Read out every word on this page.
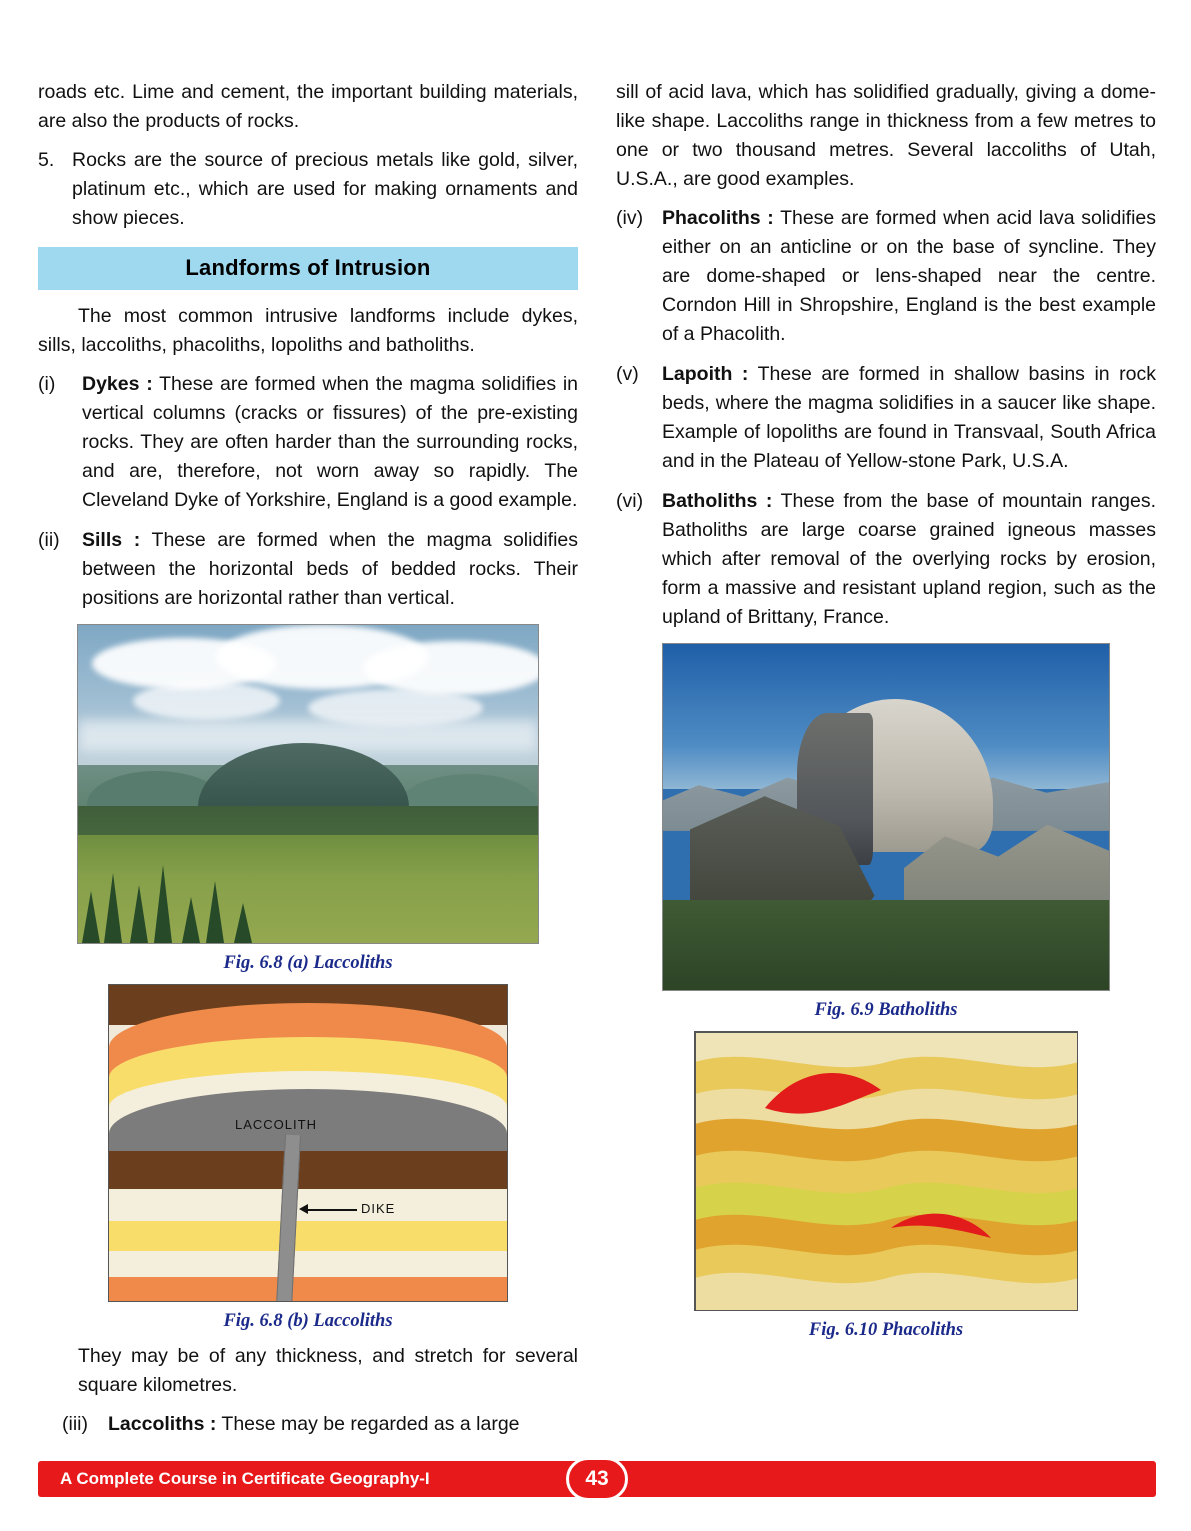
roads etc. Lime and cement, the important building materials, are also the products of rocks.

5. Rocks are the source of precious metals like gold, silver, platinum etc., which are used for making ornaments and show pieces.
Landforms of Intrusion

The most common intrusive landforms include dykes, sills, laccoliths, phacoliths, lopoliths and batholiths.

(i)	Dykes : These are formed when the magma solidifies in vertical columns (cracks or fissures) of the pre-existing rocks. They are often harder than the surrounding rocks, and are, therefore, not worn away so rapidly. The Cleveland Dyke of Yorkshire, England is a good example.
(ii)	Sills : These are formed when the magma solidifies between the horizontal beds of bedded rocks. Their positions are horizontal rather than vertical.
Fig. 6.8 (a) Laccoliths
LACCOLITH
DIKE
Fig. 6.8 (b) Laccoliths

They may be of any thickness, and stretch for several square kilometres.

(iii)	Laccoliths : These may be regarded as a large

sill of acid lava, which has solidified gradually, giving a dome-like shape. Laccoliths range in thickness from a few metres to one or two thousand metres. Several laccoliths of Utah, U.S.A., are good examples.

(iv) Phacoliths : These are formed when acid lava solidifies either on an anticline or on the base of syncline. They are dome-shaped or lens-shaped near the centre. Corndon Hill in Shropshire, England is the best example of a Phacolith.
(v)	Lapoith : These are formed in shallow basins in rock beds, where the magma solidifies in a saucer like shape. Example of lopoliths are found in Transvaal, South Africa and in the Plateau of Yellow-stone Park, U.S.A.
(vi) Batholiths : These from the base of mountain ranges. Batholiths are large coarse grained igneous masses which after removal of the overlying rocks by erosion, form a massive and resistant upland region, such as the upland of Brittany, France.
Fig. 6.9 Batholiths
Fig. 6.10 Phacoliths
A Complete Course in Certificate Geography-I	43
